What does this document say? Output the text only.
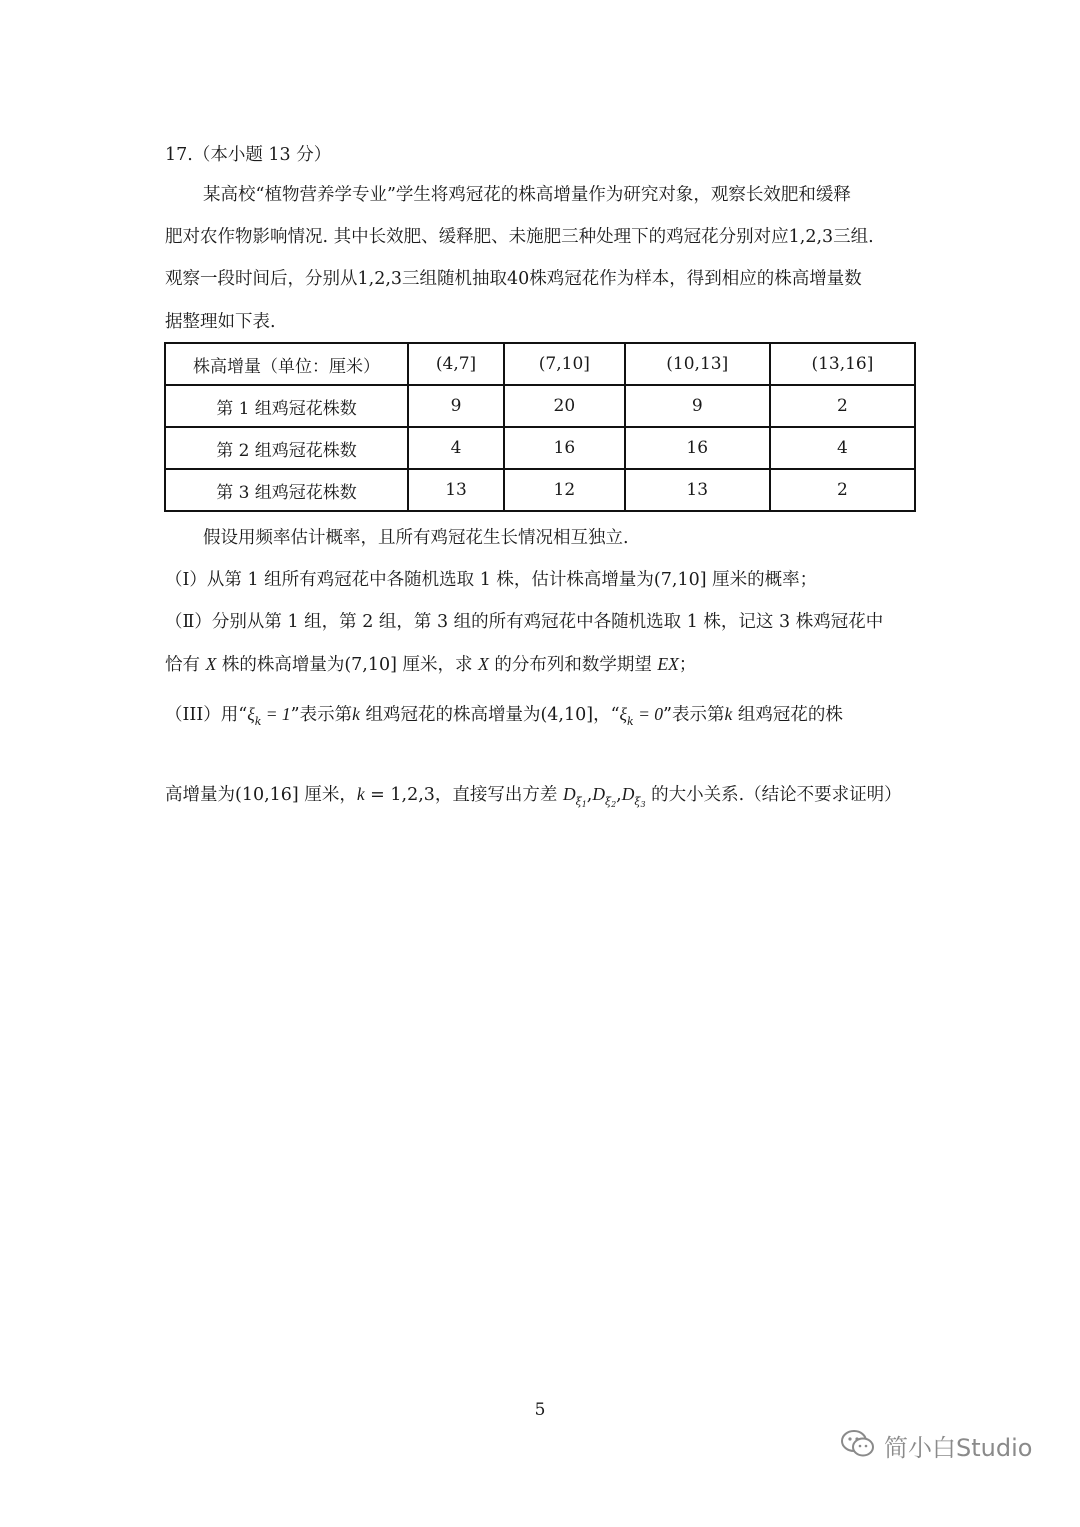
17.（本小题 13 分）
某高校“植物营养学专业”学生将鸡冠花的株高增量作为研究对象，观察长效肥和缓释
肥对农作物影响情况. 其中长效肥、缓释肥、未施肥三种处理下的鸡冠花分别对应1,2,3三组.
观察一段时间后，分别从1,2,3三组随机抽取40株鸡冠花作为样本，得到相应的株高增量数
据整理如下表.
株高增量（单位：厘米）	(4,7]	(7,10]	(10,13]	(13,16]
第 1 组鸡冠花株数	9	20	9	2
第 2 组鸡冠花株数	4	16	16	4
第 3 组鸡冠花株数	13	12	13	2
假设用频率估计概率，且所有鸡冠花生长情况相互独立.
（Ⅰ）从第 1 组所有鸡冠花中各随机选取 1 株，估计株高增量为(7,10] 厘米的概率；
（Ⅱ）分别从第 1 组，第 2 组，第 3 组的所有鸡冠花中各随机选取 1 株，记这 3 株鸡冠花中
恰有 X 株的株高增量为(7,10] 厘米，求 X 的分布列和数学期望 EX；
（III）用“$\xi_k = 1$”表示第k 组鸡冠花的株高增量为(4,10]，“$\xi_k = 0$”表示第k 组鸡冠花的株
高增量为(10,16] 厘米，k = 1,2,3，直接写出方差 $D_{\xi 1},D_{\xi 2},D_{\xi 3}$ 的大小关系.（结论不要求证明）
5
简小白Studio
